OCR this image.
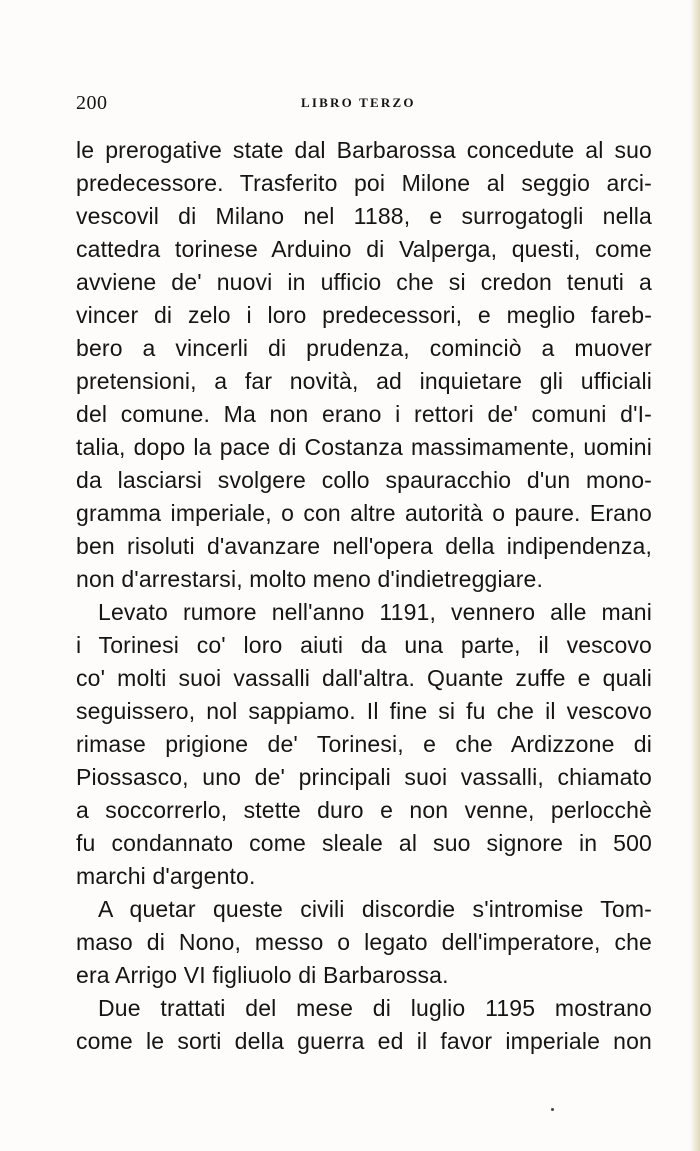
200	LIBRO TERZO
le prerogative state dal Barbarossa concedute al suo
predecessore. Trasferito poi Milone al seggio arci-
vescovil di Milano nel 1188, e surrogatogli nella
cattedra torinese Arduino di Valperga, questi, come
avviene de' nuovi in ufficio che si credon tenuti a
vincer di zelo i loro predecessori, e meglio fareb-
bero a vincerli di prudenza, cominciò a muover
pretensioni, a far novità, ad inquietare gli ufficiali
del comune. Ma non erano i rettori de' comuni d'I-
talia, dopo la pace di Costanza massimamente, uomini
da lasciarsi svolgere collo spauracchio d'un mono-
gramma imperiale, o con altre autorità o paure. Erano
ben risoluti d'avanzare nell'opera della indipendenza,
non d'arrestarsi, molto meno d'indietreggiare.
Levato rumore nell'anno 1191, vennero alle mani
i Torinesi co' loro aiuti da una parte, il vescovo
co' molti suoi vassalli dall'altra. Quante zuffe e quali
seguissero, nol sappiamo. Il fine si fu che il vescovo
rimase prigione de' Torinesi, e che Ardizzone di
Piossasco, uno de' principali suoi vassalli, chiamato
a soccorrerlo, stette duro e non venne, perlocchè
fu condannato come sleale al suo signore in 500
marchi d'argento.
A quetar queste civili discordie s'intromise Tom-
maso di Nono, messo o legato dell'imperatore, che
era Arrigo VI figliuolo di Barbarossa.
Due trattati del mese di luglio 1195 mostrano
come le sorti della guerra ed il favor imperiale non
